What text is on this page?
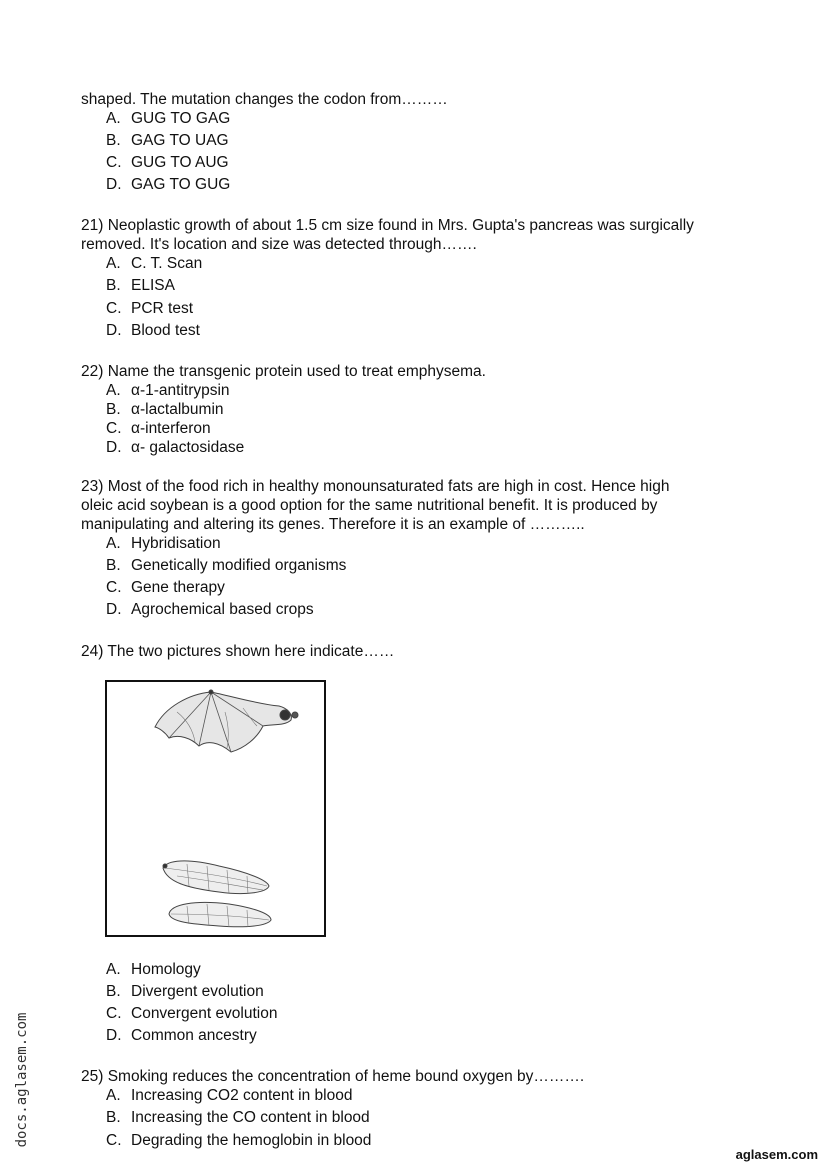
shaped. The mutation changes the codon from………
A. GUG TO GAG
B. GAG TO UAG
C. GUG TO AUG
D. GAG TO GUG
21) Neoplastic growth of about 1.5 cm size found in Mrs. Gupta's pancreas was surgically
removed. It's location and size was detected through…….
A. C. T. Scan
B. ELISA
C. PCR test
D. Blood test
22) Name the transgenic protein used to treat emphysema.
A. α-1-antitrypsin
B. α-lactalbumin
C. α-interferon
D. α- galactosidase
23) Most of the food rich in healthy monounsaturated fats are high in cost. Hence high
oleic acid soybean is a good option for the same nutritional benefit. It is produced by
manipulating and altering its genes. Therefore it is an example of ………..
A. Hybridisation
B. Genetically modified organisms
C. Gene therapy
D. Agrochemical based crops
24) The two pictures shown here indicate……
A. Homology
B. Divergent evolution
C. Convergent evolution
D. Common ancestry
25) Smoking reduces the concentration of heme bound oxygen by……….
A. Increasing CO2 content in blood
B. Increasing the CO content in blood
C. Degrading the hemoglobin in blood
docs.aglasem.com
aglasem.com
